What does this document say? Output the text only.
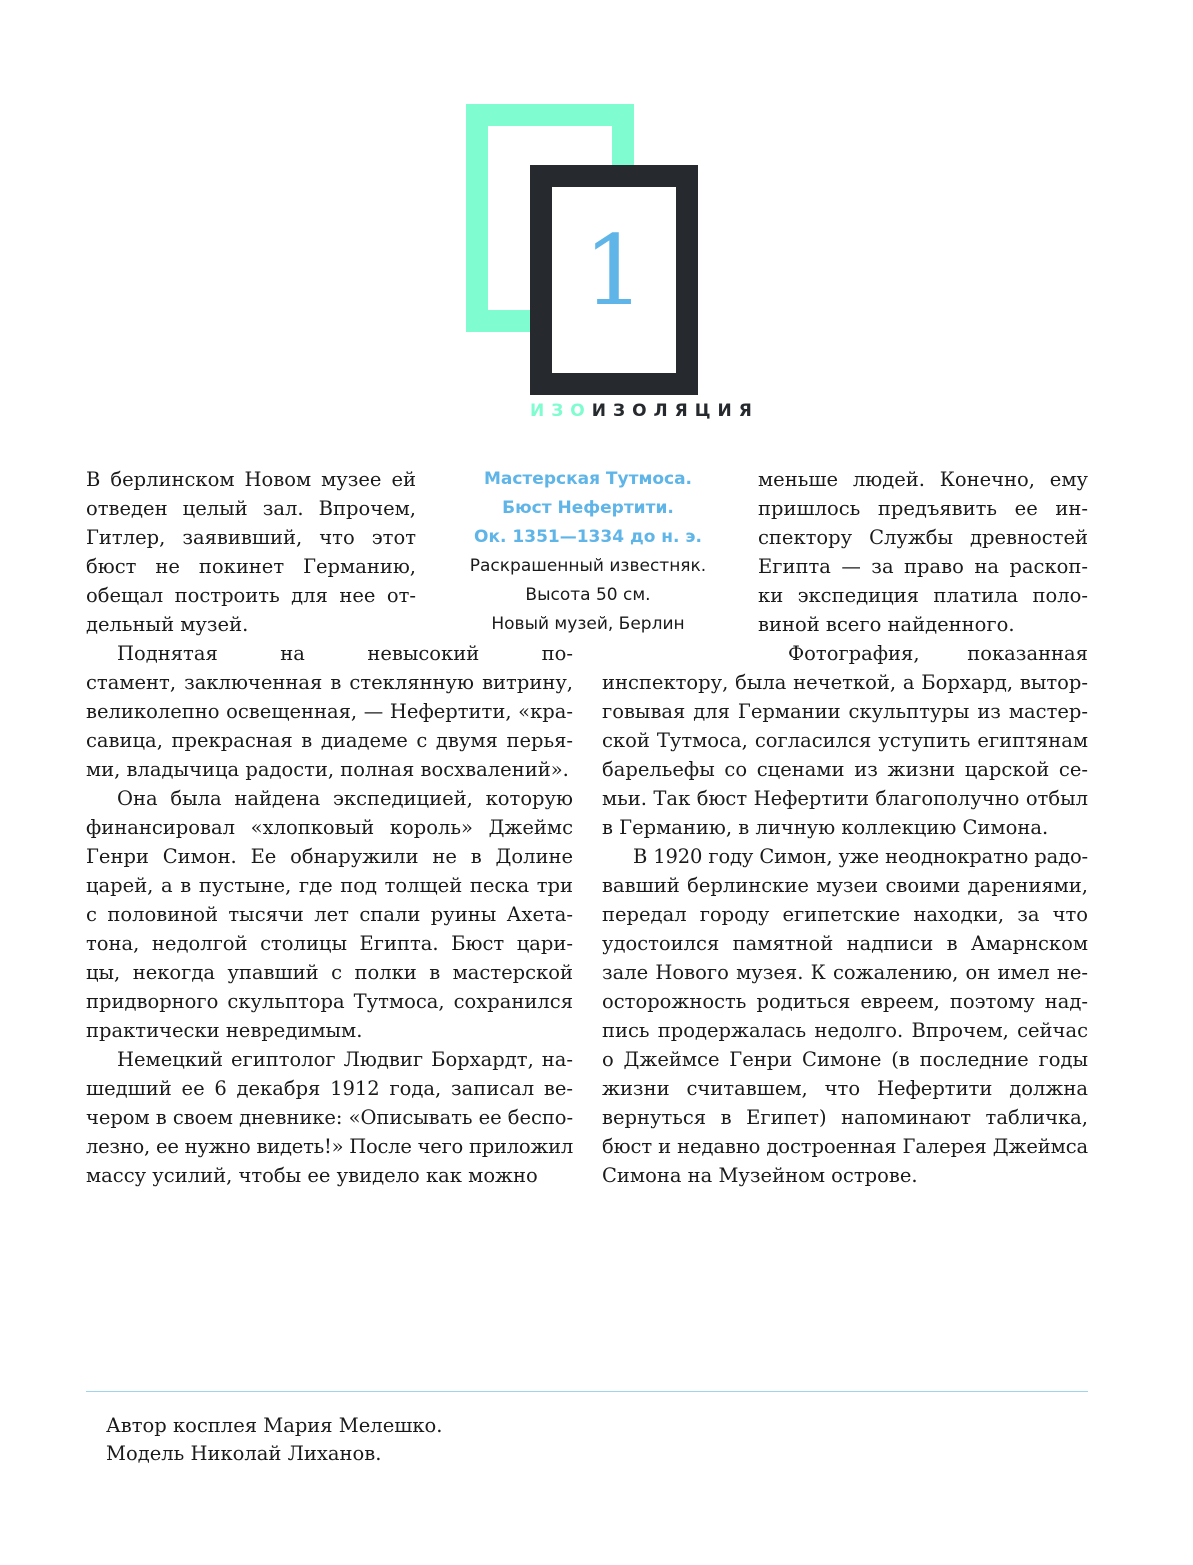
1
ИЗОИЗОЛЯЦИЯ
Мастерская Тутмоса.
Бюст Нефертити.
Ок. 1351—1334 до н. э.
Раскрашенный известняк.
Высота 50 см.
Новый музей, Берлин
В берлинском Новом музее ей
отведен целый зал. Впрочем,
Гитлер, заявивший, что этот
бюст не покинет Германию,
обещал построить для нее от-
дельный музей.
Поднятая на невысокий по-
стамент, заключенная в стеклянную витрину,
великолепно освещенная, — Нефертити, «кра-
савица, прекрасная в диадеме с двумя перья-
ми, владычица радости, полная восхвалений».
Она была найдена экспедицией, которую
финансировал «хлопковый король» Джеймс
Генри Симон. Ее обнаружили не в Долине
царей, а в пустыне, где под толщей песка три
с половиной тысячи лет спали руины Ахета-
тона, недолгой столицы Египта. Бюст цари-
цы, некогда упавший с полки в мастерской
придворного скульптора Тутмоса, сохранился
практически невредимым.
Немецкий египтолог Людвиг Борхардт, на-
шедший ее 6 декабря 1912 года, записал ве-
чером в своем дневнике: «Описывать ее беспо-
лезно, ее нужно видеть!» После чего приложил
массу усилий, чтобы ее увидело как можно
меньше людей. Конечно, ему
пришлось предъявить ее ин-
спектору Службы древностей
Египта — за право на раскоп-
ки экспедиция платила поло-
виной всего найденного.
Фотография, показанная
инспектору, была нечеткой, а Борхард, вытор-
говывая для Германии скульптуры из мастер-
ской Тутмоса, согласился уступить египтянам
барельефы со сценами из жизни царской се-
мьи. Так бюст Нефертити благополучно отбыл
в Германию, в личную коллекцию Симона.
В 1920 году Симон, уже неоднократно радо-
вавший берлинские музеи своими дарениями,
передал городу египетские находки, за что
удостоился памятной надписи в Амарнском
зале Нового музея. К сожалению, он имел не-
осторожность родиться евреем, поэтому над-
пись продержалась недолго. Впрочем, сейчас
о Джеймсе Генри Симоне (в последние годы
жизни считавшем, что Нефертити должна
вернуться в Египет) напоминают табличка,
бюст и недавно достроенная Галерея Джеймса
Симона на Музейном острове.
Автор косплея Мария Мелешко.
Модель Николай Лиханов.
